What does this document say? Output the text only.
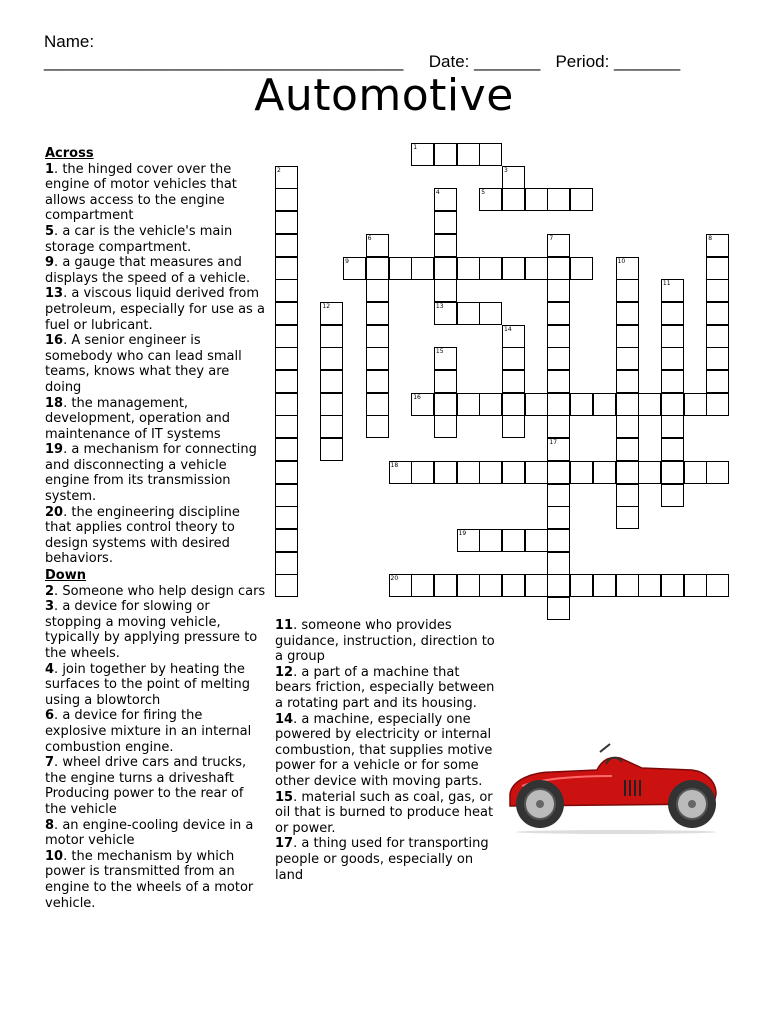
Name: ______________________________________ Date: _______ Period: _______
Automotive
Across
1. the hinged cover over the engine of motor vehicles that allows access to the engine compartment
5. a car is the vehicle's main storage compartment.
9. a gauge that measures and displays the speed of a vehicle.
13. a viscous liquid derived from petroleum, especially for use as a fuel or lubricant.
16. A senior engineer is somebody who can lead small teams, knows what they are doing
18. the management, development, operation and maintenance of IT systems
19. a mechanism for connecting and disconnecting a vehicle engine from its transmission system.
20. the engineering discipline that applies control theory to design systems with desired behaviors.
Down
2. Someone who help design cars
3. a device for slowing or stopping a moving vehicle, typically by applying pressure to the wheels.
4. join together by heating the surfaces to the point of melting using a blowtorch
6. a device for firing the explosive mixture in an internal combustion engine.
7. wheel drive cars and trucks, the engine turns a driveshaft Producing power to the rear of the vehicle
8. an engine-cooling device in a motor vehicle
10. the mechanism by which power is transmitted from an engine to the wheels of a motor vehicle.
11. someone who provides guidance, instruction, direction to a group
12. a part of a machine that bears friction, especially between a rotating part and its housing.
14. a machine, especially one powered by electricity or internal combustion, that supplies motive power for a vehicle or for some other device with moving parts.
15. material such as coal, gas, or oil that is burned to produce heat or power.
17. a thing used for transporting people or goods, especially on land
1
2	3
4	5
6	7
17
8
9	10
11
12	13
14
15
16
18
19
20
